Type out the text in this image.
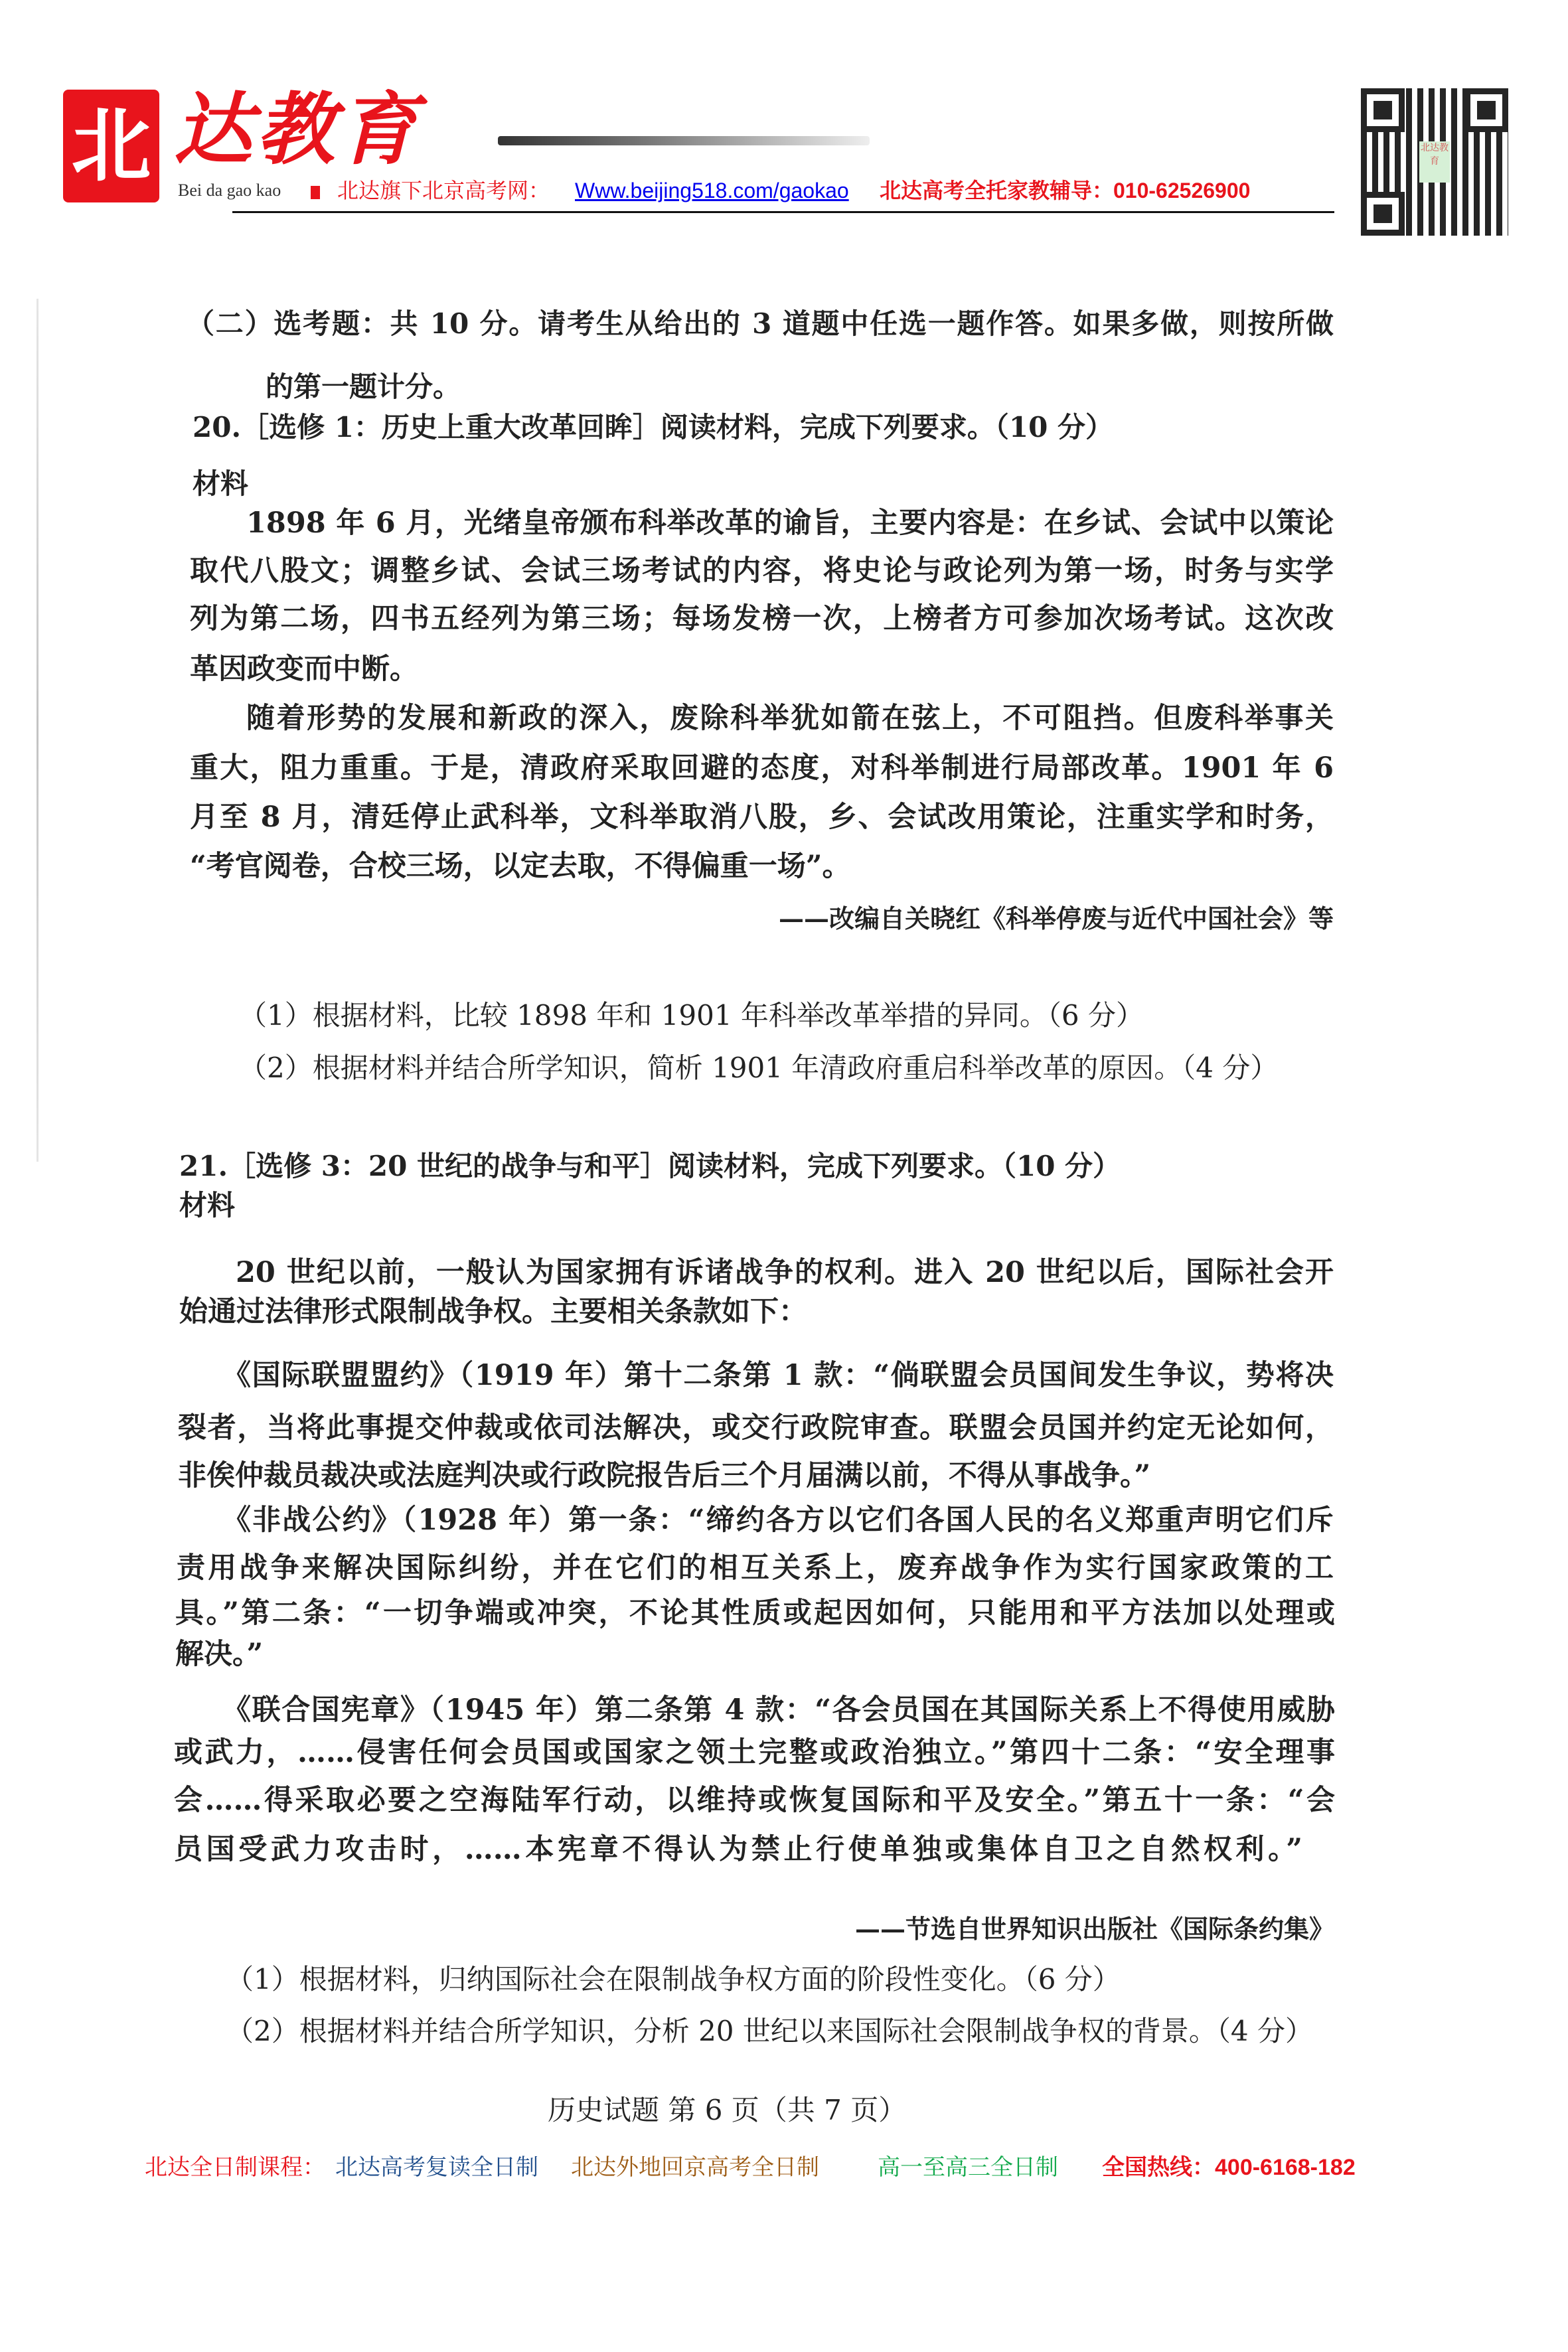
北 达教育
Bei da gao kao	北达旗下北京高考网： Www.beijing518.com/gaokao 北达高考全托家教辅导：010-62526900
北达教育
（二）选考题：共 10 分。请考生从给出的 3 道题中任选一题作答。如果多做，则按所做
的第一题计分。
20.［选修 1：历史上重大改革回眸］阅读材料，完成下列要求。（10 分）
材料
1898 年 6 月，光绪皇帝颁布科举改革的谕旨，主要内容是：在乡试、会试中以策论
取代八股文；调整乡试、会试三场考试的内容，将史论与政论列为第一场，时务与实学
列为第二场，四书五经列为第三场；每场发榜一次，上榜者方可参加次场考试。这次改
革因政变而中断。
随着形势的发展和新政的深入，废除科举犹如箭在弦上，不可阻挡。但废科举事关
重大，阻力重重。于是，清政府采取回避的态度，对科举制进行局部改革。1901 年 6
月至 8 月，清廷停止武科举，文科举取消八股，乡、会试改用策论，注重实学和时务，
“考官阅卷，合校三场，以定去取，不得偏重一场”。
——改编自关晓红《科举停废与近代中国社会》等
（1）根据材料，比较 1898 年和 1901 年科举改革举措的异同。（6 分）
（2）根据材料并结合所学知识，简析 1901 年清政府重启科举改革的原因。（4 分）
21.［选修 3：20 世纪的战争与和平］阅读材料，完成下列要求。（10 分）
材料
20 世纪以前，一般认为国家拥有诉诸战争的权利。进入 20 世纪以后，国际社会开
始通过法律形式限制战争权。主要相关条款如下：
《国际联盟盟约》（1919 年）第十二条第 1 款：“倘联盟会员国间发生争议，势将决
裂者，当将此事提交仲裁或依司法解决，或交行政院审查。联盟会员国并约定无论如何，
非俟仲裁员裁决或法庭判决或行政院报告后三个月届满以前，不得从事战争。”
《非战公约》（1928 年）第一条：“缔约各方以它们各国人民的名义郑重声明它们斥
责用战争来解决国际纠纷，并在它们的相互关系上，废弃战争作为实行国家政策的工
具。”第二条：“一切争端或冲突，不论其性质或起因如何，只能用和平方法加以处理或
解决。”
《联合国宪章》（1945 年）第二条第 4 款：“各会员国在其国际关系上不得使用威胁
或武力，……侵害任何会员国或国家之领土完整或政治独立。”第四十二条：“安全理事
会……得采取必要之空海陆军行动，以维持或恢复国际和平及安全。”第五十一条：“会
员国受武力攻击时，……本宪章不得认为禁止行使单独或集体自卫之自然权利。”
——节选自世界知识出版社《国际条约集》
（1）根据材料，归纳国际社会在限制战争权方面的阶段性变化。（6 分）
（2）根据材料并结合所学知识，分析 20 世纪以来国际社会限制战争权的背景。（4 分）
历史试题 第 6 页（共 7 页）
北达全日制课程： 北达高考复读全日制 北达外地回京高考全日制	高一至高三全日制 全国热线：400-6168-182
